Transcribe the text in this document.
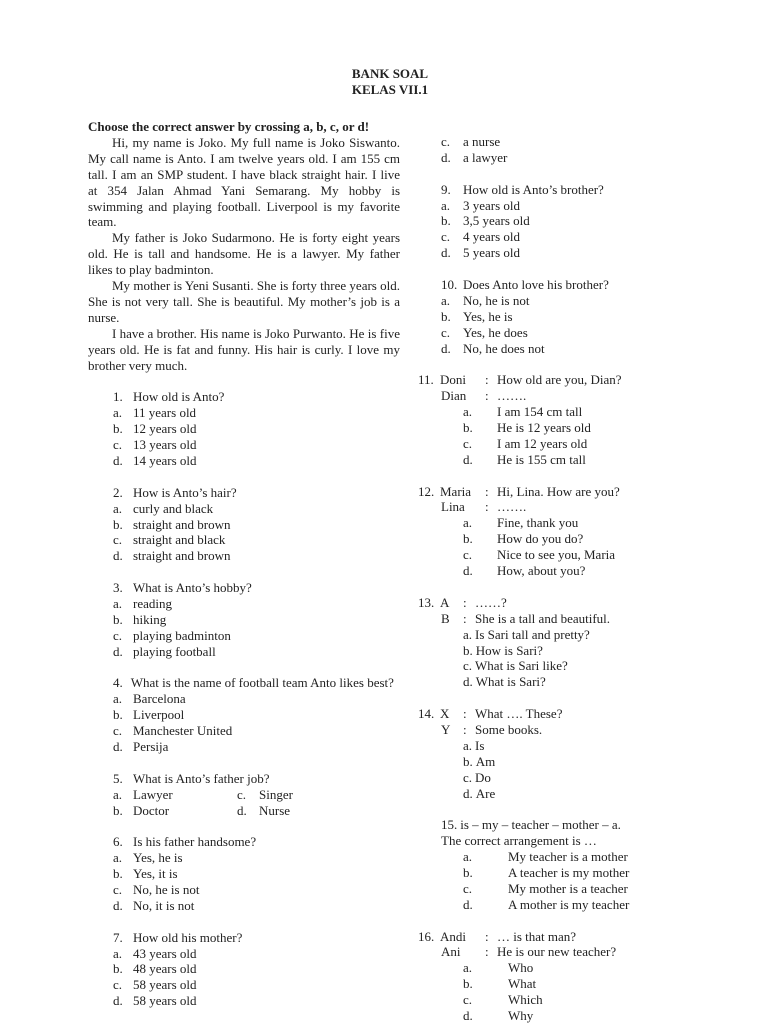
BANK SOAL
KELAS VII.1
Choose the correct answer by crossing a, b, c, or d!
Hi, my name is Joko. My full name is Joko Siswanto. My call name is Anto. I am twelve years old. I am 155 cm tall. I am an SMP student. I have black straight hair. I live at 354 Jalan Ahmad Yani Semarang. My hobby is swimming and playing football. Liverpool is my favorite team.
My father is Joko Sudarmono. He is forty eight years old. He is tall and handsome. He is a lawyer. My father likes to play badminton.
My mother is Yeni Susanti. She is forty three years old. She is not very tall. She is beautiful. My mother’s job is a nurse.
I have a brother. His name is Joko Purwanto. He is five years old. He is fat and funny. His hair is curly. I love my brother very much.
1. How old is Anto?
a. 11 years old
b. 12 years old
c. 13 years old
d. 14 years old
2. How is Anto’s hair?
a. curly and black
b. straight and brown
c. straight and black
d. straight and brown
3. What is Anto’s hobby?
a. reading
b. hiking
c. playing badminton
d. playing football
4. What is the name of football team Anto likes best?
a. Barcelona
b. Liverpool
c. Manchester United
d. Persija
5. What is Anto’s father job?
a. Lawyer	c. Singer
b. Doctor	d. Nurse
6. Is his father handsome?
a. Yes, he is
b. Yes, it is
c. No, he is not
d. No, it is not
7. How old his mother?
a. 43 years old
b. 48 years old
c. 58 years old
d. 58 years old
c. a nurse
d. a lawyer
9. How old is Anto’s brother?
a. 3 years old
b. 3,5 years old
c. 4 years old
d. 5 years old
10. Does Anto love his brother?
a. No, he is not
b. Yes, he is
c. Yes, he does
d. No, he does not
11. Doni : How old are you, Dian?
Dian : …….
a. I am 154 cm tall
b. He is 12 years old
c. I am 12 years old
d. He is 155 cm tall
12. Maria : Hi, Lina. How are you?
Lina : …….
a. Fine, thank you
b. How do you do?
c. Nice to see you, Maria
d. How, about you?
13. A : ……?
B : She is a tall and beautiful.
a. Is Sari tall and pretty?
b. How is Sari?
c. What is Sari like?
d. What is Sari?
14. X : What …. These?
Y : Some books.
a. Is
b. Am
c. Do
d. Are
15. is – my – teacher – mother – a.
The correct arrangement is …
a.	My teacher is a mother
b.	A teacher is my mother
c.	My mother is a teacher
d.	A mother is my teacher
16. Andi : … is that man?
Ani : He is our new teacher?
a.	Who
b.	What
c.	Which
d.	Why
